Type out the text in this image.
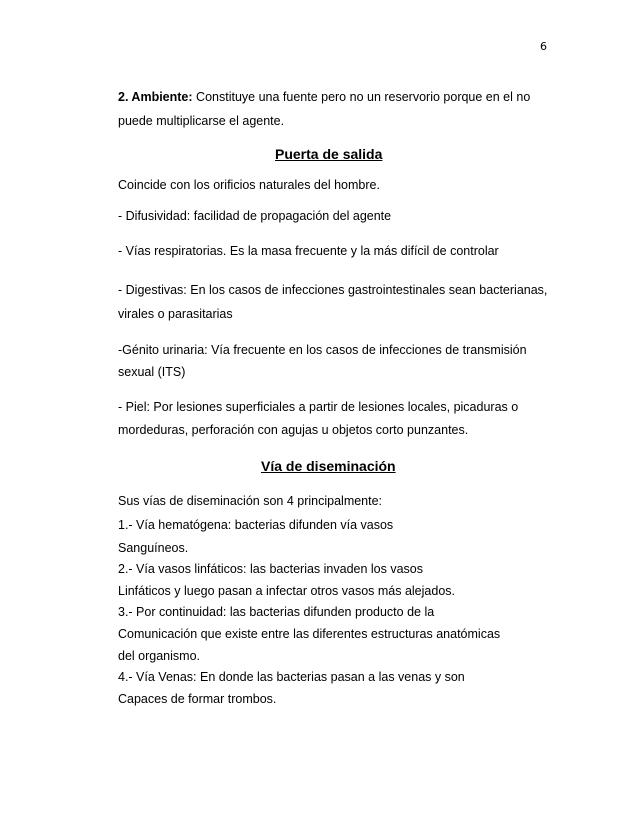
6
2. Ambiente: Constituye una fuente pero no un reservorio porque en el no
puede multiplicarse el agente.
Puerta de salida
Coincide con los orificios naturales del hombre.
- Difusividad: facilidad de propagación del agente
- Vías respiratorias. Es la masa frecuente y la más difícil de controlar
- Digestivas: En los casos de infecciones gastrointestinales sean bacterianas,
virales o parasitarias
-Génito urinaria: Vía frecuente en los casos de infecciones de transmisión
sexual (ITS)
- Piel: Por lesiones superficiales a partir de lesiones locales, picaduras o
mordeduras, perforación con agujas u objetos corto punzantes.
Vía de diseminación
Sus vías de diseminación son 4 principalmente:
1.- Vía hematógena: bacterias difunden vía vasos
Sanguíneos.
2.- Vía vasos linfáticos: las bacterias invaden los vasos
Linfáticos y luego pasan a infectar otros vasos más alejados.
3.- Por continuidad: las bacterias difunden producto de la
Comunicación que existe entre las diferentes estructuras anatómicas
del organismo.
4.- Vía Venas: En donde las bacterias pasan a las venas y son
Capaces de formar trombos.
